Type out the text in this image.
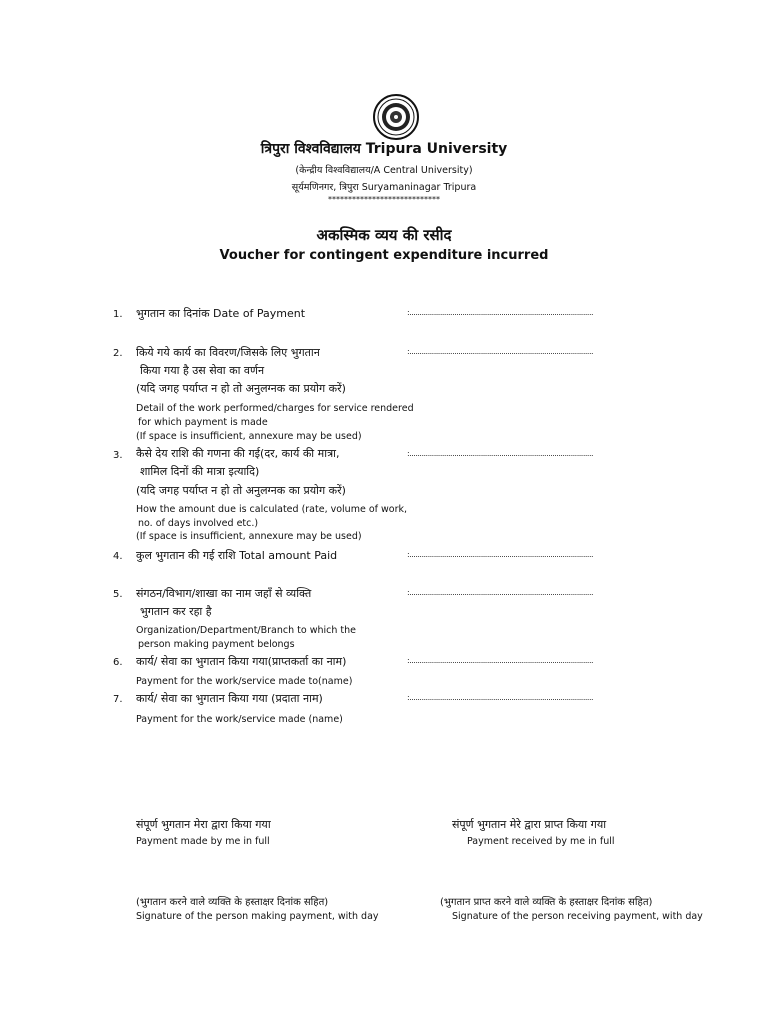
त्रिपुरा विश्वविद्यालय Tripura University
(केन्द्रीय विश्वविद्यालय/A Central University)
सूर्यमणिनगर, त्रिपुरा Suryamaninagar Tripura
****************************
अकस्मिक व्यय की रसीद
Voucher for contingent expenditure incurred
1. भुगतान का दिनांक Date of Payment	:..........................................................................................
2. किये गये कार्य का विवरण/जिसके लिए भुगतान
किया गया है उस सेवा का वर्णन
(यदि जगह पर्याप्त न हो तो अनुलग्नक का प्रयोग करें)
Detail of the work performed/charges for service rendered
for which payment is made
(If space is insufficient, annexure may be used)
:..........................................................................................
3. कैसे देय राशि की गणना की गई(दर, कार्य की मात्रा,
शामिल दिनों की मात्रा इत्यादि)
(यदि जगह पर्याप्त न हो तो अनुलग्नक का प्रयोग करें)
How the amount due is calculated (rate, volume of work,
no. of days involved etc.)
(If space is insufficient, annexure may be used)
:..........................................................................................
4. कुल भुगतान की गई राशि Total amount Paid	:..........................................................................................
5. संगठन/विभाग/शाखा का नाम जहाँ से व्यक्ति
भुगतान कर रहा है
Organization/Department/Branch to which the
person making payment belongs
:..........................................................................................
6. कार्य/ सेवा का भुगतान किया गया(प्राप्तकर्ता का नाम)
Payment for the work/service made to(name)
:..........................................................................................
7. कार्य/ सेवा का भुगतान किया गया (प्रदाता नाम)
Payment for the work/service made (name)
:..........................................................................................
संपूर्ण भुगतान मेरा द्वारा किया गया
Payment made by me in full
संपूर्ण भुगतान मेरे द्वारा प्राप्त किया गया
Payment received by me in full
(भुगतान करने वाले व्यक्ति के हस्ताक्षर दिनांक सहित)
Signature of the person making payment, with day
(भुगतान प्राप्त करने वाले व्यक्ति के हस्ताक्षर दिनांक सहित)
Signature of the person receiving payment, with day
